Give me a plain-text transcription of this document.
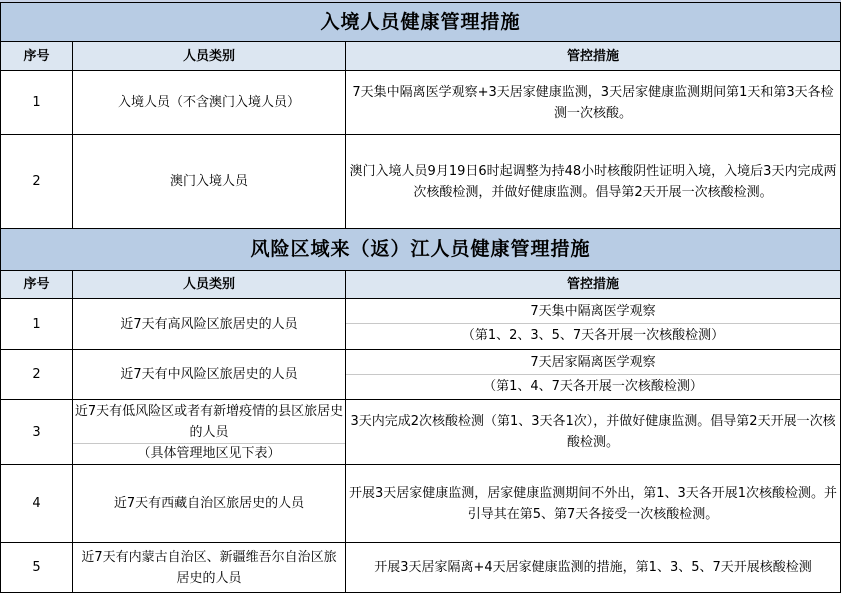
入境人员健康管理措施		
序号	人员类别	管控措施
1	入境人员（不含澳门入境人员）	7天集中隔离医学观察+3天居家健康监测，3天居家健康监测期间第1天和第3天各检测一次核酸。
2	澳门入境人员	澳门入境人员9月19日6时起调整为持48小时核酸阴性证明入境，入境后3天内完成两次核酸检测，并做好健康监测。倡导第2天开展一次核酸检测。
风险区域来（返）江人员健康管理措施		
序号	人员类别	管控措施
1	近7天有高风险区旅居史的人员	7天集中隔离医学观察
（第1、2、3、5、7天各开展一次核酸检测）

2	近7天有中风险区旅居史的人员	7天居家隔离医学观察
（第1、4、7天各开展一次核酸检测）

3	近7天有低风险区或者有新增疫情的县区旅居史的人员
（具体管理地区见下表）	3天内完成2次核酸检测（第1、3天各1次），并做好健康监测。倡导第2天开展一次核酸检测。
4	近7天有西藏自治区旅居史的人员	开展3天居家健康监测，居家健康监测期间不外出，第1、3天各开展1次核酸检测。并引导其在第5、第7天各接受一次核酸检测。
5	近7天有内蒙古自治区、新疆维吾尔自治区旅居史的人员	开展3天居家隔离+4天居家健康监测的措施，第1、3、5、7天开展核酸检测
